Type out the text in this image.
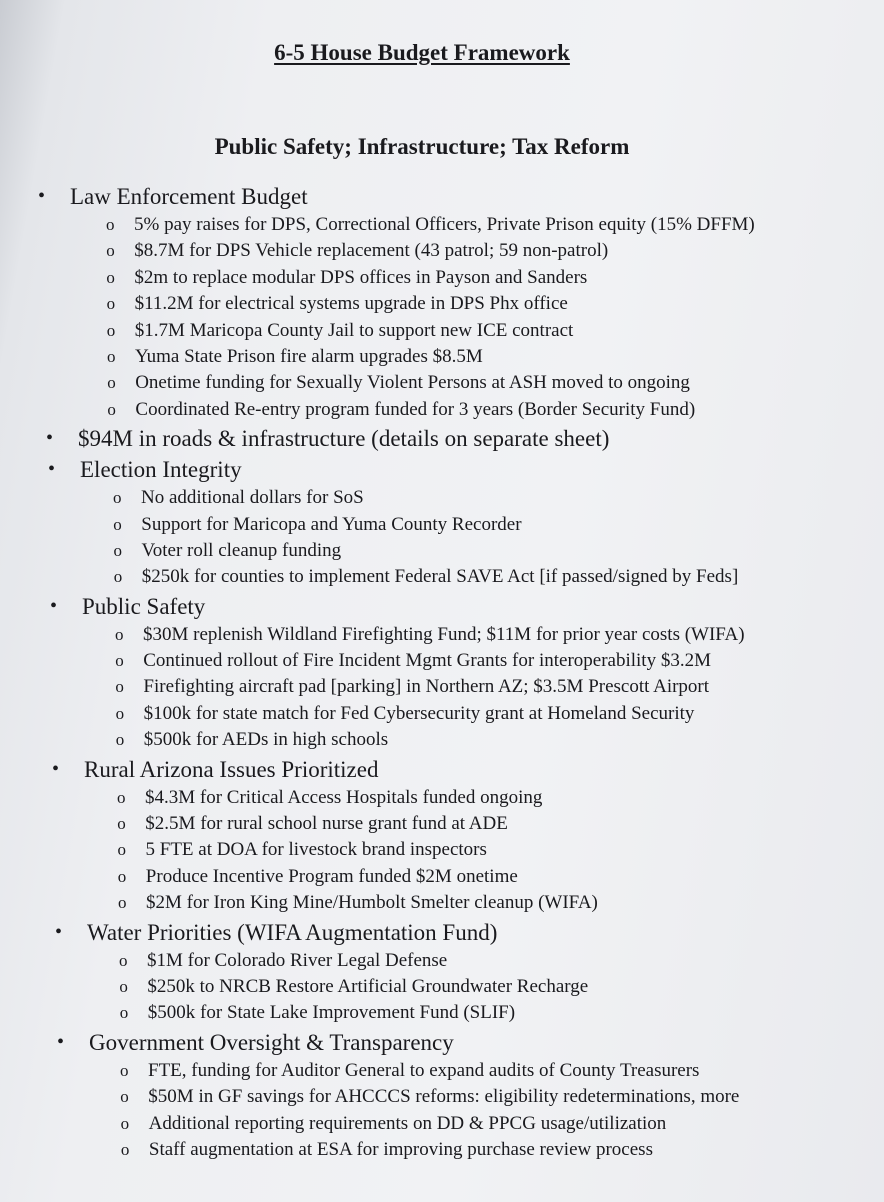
6-5 House Budget Framework
Public Safety; Infrastructure; Tax Reform
• Law Enforcement Budget
o 5% pay raises for DPS, Correctional Officers, Private Prison equity (15% DFFM)
o $8.7M for DPS Vehicle replacement (43 patrol; 59 non-patrol)
o $2m to replace modular DPS offices in Payson and Sanders
o $11.2M for electrical systems upgrade in DPS Phx office
o $1.7M Maricopa County Jail to support new ICE contract
o Yuma State Prison fire alarm upgrades $8.5M
o Onetime funding for Sexually Violent Persons at ASH moved to ongoing
o Coordinated Re-entry program funded for 3 years (Border Security Fund)
• $94M in roads & infrastructure (details on separate sheet)
• Election Integrity
o No additional dollars for SoS
o Support for Maricopa and Yuma County Recorder
o Voter roll cleanup funding
o $250k for counties to implement Federal SAVE Act [if passed/signed by Feds]
• Public Safety
o $30M replenish Wildland Firefighting Fund; $11M for prior year costs (WIFA)
o Continued rollout of Fire Incident Mgmt Grants for interoperability $3.2M
o Firefighting aircraft pad [parking] in Northern AZ; $3.5M Prescott Airport
o $100k for state match for Fed Cybersecurity grant at Homeland Security
o $500k for AEDs in high schools
• Rural Arizona Issues Prioritized
o $4.3M for Critical Access Hospitals funded ongoing
o $2.5M for rural school nurse grant fund at ADE
o 5 FTE at DOA for livestock brand inspectors
o Produce Incentive Program funded $2M onetime
o $2M for Iron King Mine/Humbolt Smelter cleanup (WIFA)
• Water Priorities (WIFA Augmentation Fund)
o $1M for Colorado River Legal Defense
o $250k to NRCB Restore Artificial Groundwater Recharge
o $500k for State Lake Improvement Fund (SLIF)
• Government Oversight & Transparency
o FTE, funding for Auditor General to expand audits of County Treasurers
o $50M in GF savings for AHCCCS reforms: eligibility redeterminations, more
o Additional reporting requirements on DD & PPCG usage/utilization
o Staff augmentation at ESA for improving purchase review process
